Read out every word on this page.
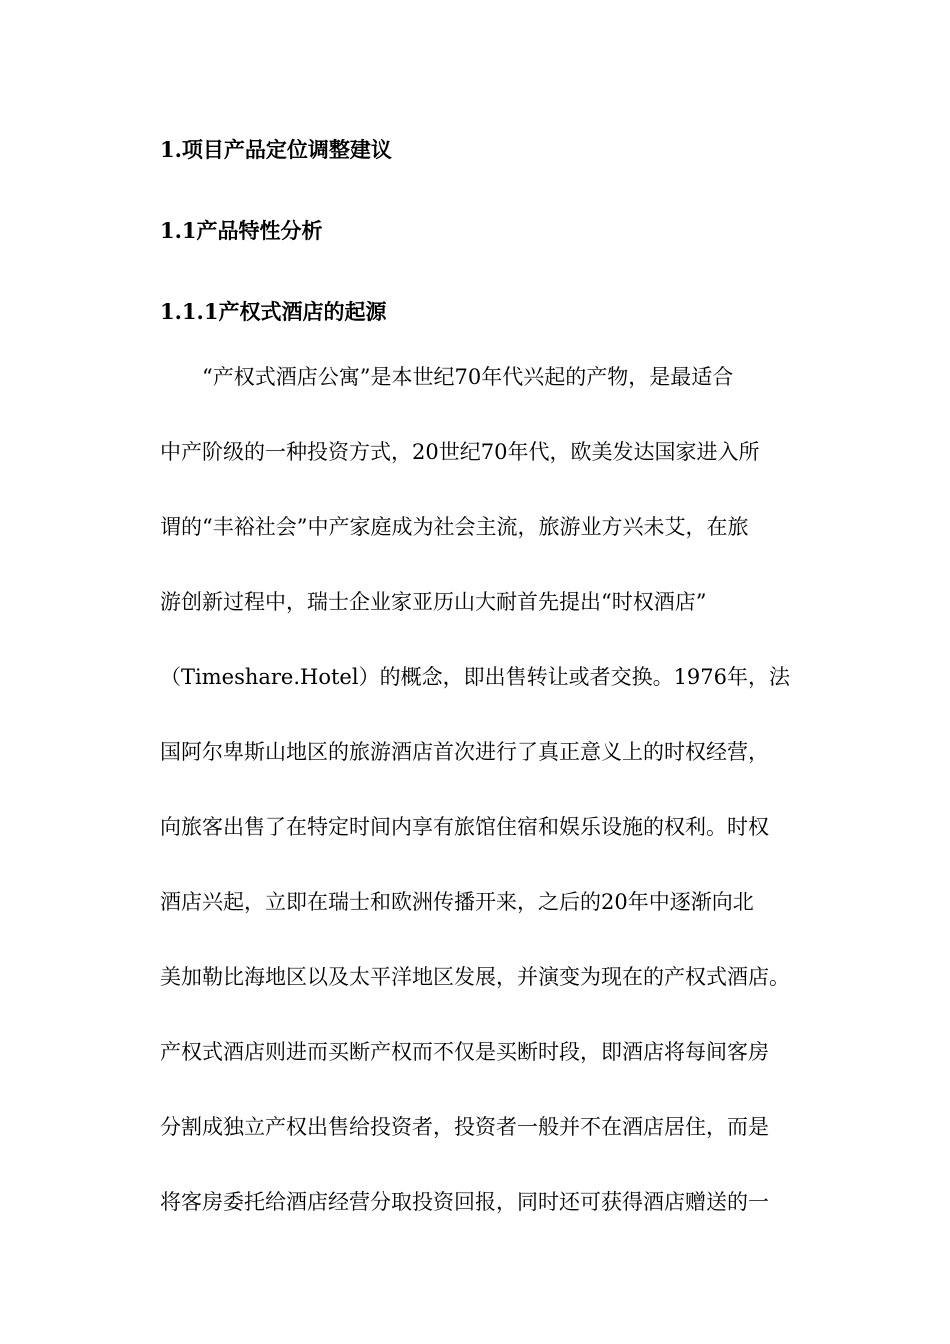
1.项目产品定位调整建议
1.1产品特性分析
1.1.1产权式酒店的起源
“产权式酒店公寓”是本世纪70年代兴起的产物，是最适合
中产阶级的一种投资方式，20世纪70年代，欧美发达国家进入所
谓的“丰裕社会”中产家庭成为社会主流，旅游业方兴未艾，在旅
游创新过程中，瑞士企业家亚历山大耐首先提出“时权酒店”
（Timeshare.Hotel）的概念，即出售转让或者交换。1976年，法
国阿尔卑斯山地区的旅游酒店首次进行了真正意义上的时权经营，
向旅客出售了在特定时间内享有旅馆住宿和娱乐设施的权利。时权
酒店兴起，立即在瑞士和欧洲传播开来，之后的20年中逐渐向北
美加勒比海地区以及太平洋地区发展，并演变为现在的产权式酒店。
产权式酒店则进而买断产权而不仅是买断时段，即酒店将每间客房
分割成独立产权出售给投资者，投资者一般并不在酒店居住，而是
将客房委托给酒店经营分取投资回报，同时还可获得酒店赠送的一
